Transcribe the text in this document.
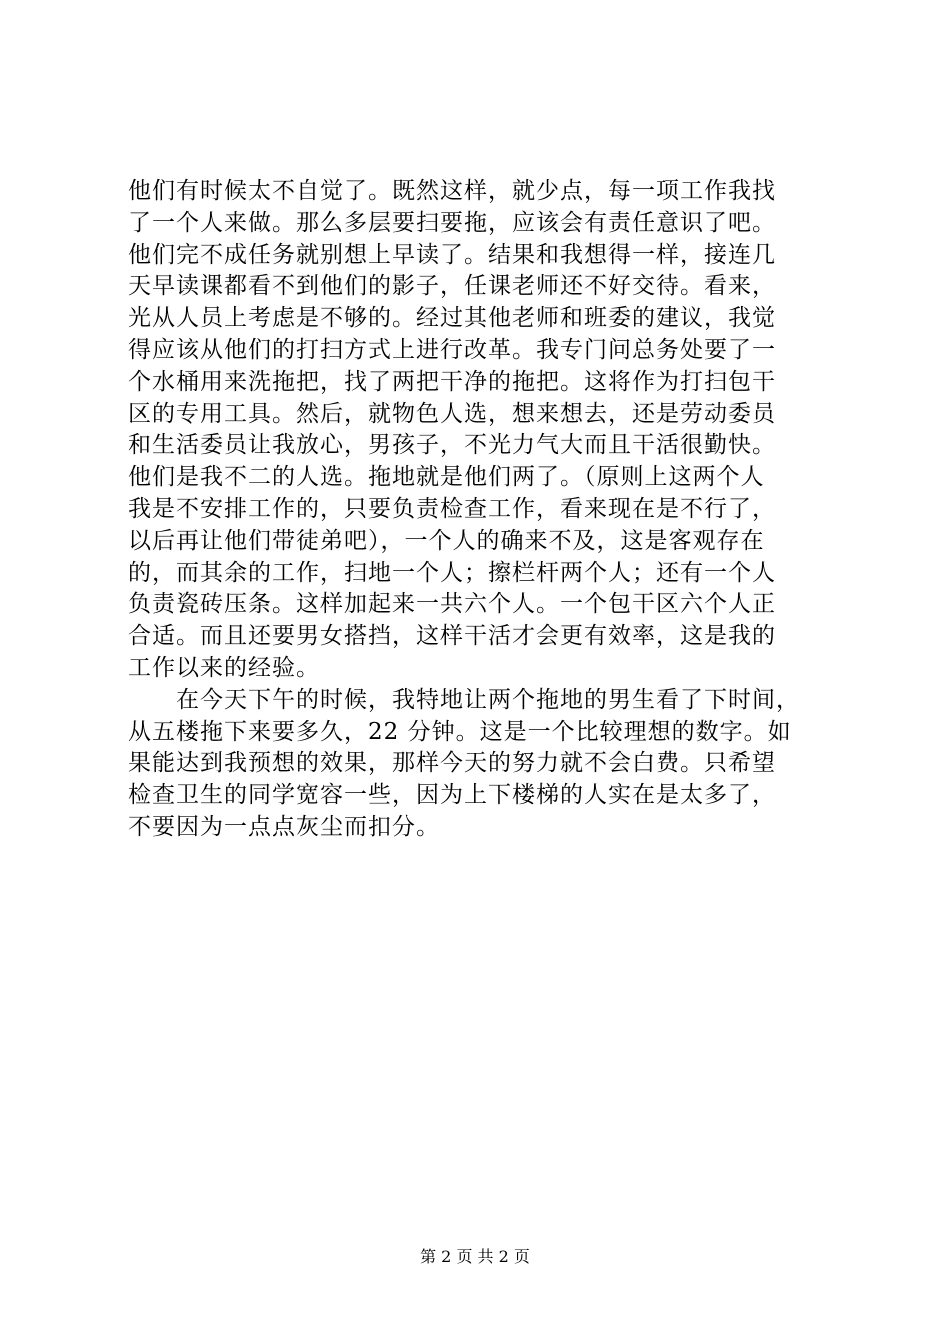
他们有时候太不自觉了。既然这样，就少点，每一项工作我找
了一个人来做。那么多层要扫要拖，应该会有责任意识了吧。
他们完不成任务就别想上早读了。结果和我想得一样，接连几
天早读课都看不到他们的影子，任课老师还不好交待。看来，
光从人员上考虑是不够的。经过其他老师和班委的建议，我觉
得应该从他们的打扫方式上进行改革。我专门问总务处要了一
个水桶用来洗拖把，找了两把干净的拖把。这将作为打扫包干
区的专用工具。然后，就物色人选，想来想去，还是劳动委员
和生活委员让我放心，男孩子，不光力气大而且干活很勤快。
他们是我不二的人选。拖地就是他们两了。（原则上这两个人
我是不安排工作的，只要负责检查工作，看来现在是不行了，
以后再让他们带徒弟吧），一个人的确来不及，这是客观存在
的，而其余的工作，扫地一个人；擦栏杆两个人；还有一个人
负责瓷砖压条。这样加起来一共六个人。一个包干区六个人正
合适。而且还要男女搭挡，这样干活才会更有效率，这是我的
工作以来的经验。
　　在今天下午的时候，我特地让两个拖地的男生看了下时间，
从五楼拖下来要多久，22 分钟。这是一个比较理想的数字。如
果能达到我预想的效果，那样今天的努力就不会白费。只希望
检查卫生的同学宽容一些，因为上下楼梯的人实在是太多了，
不要因为一点点灰尘而扣分。
第 2 页 共 2 页
